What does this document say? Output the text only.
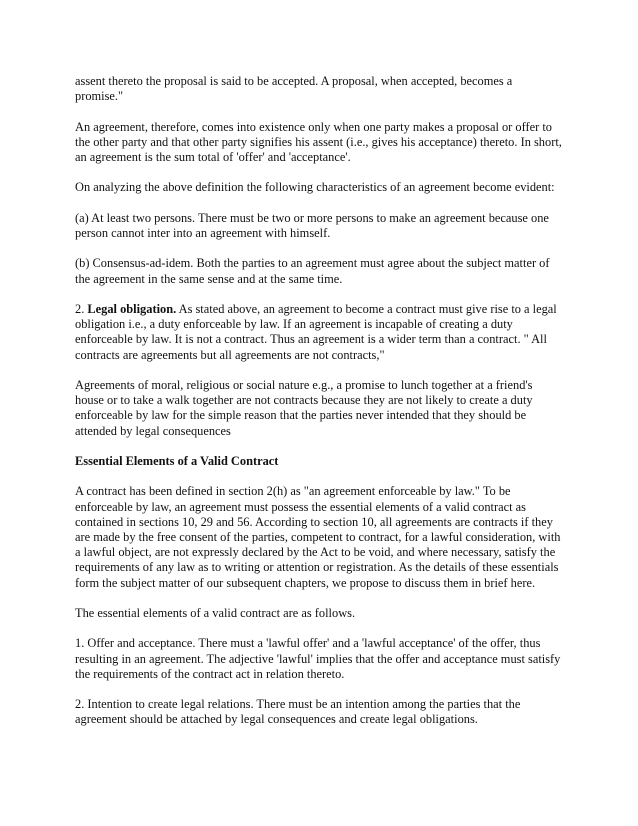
assent thereto the proposal is said to be accepted. A proposal, when accepted, becomes a promise."

An agreement, therefore, comes into existence only when one party makes a proposal or offer to the other party and that other party signifies his assent (i.e., gives his acceptance) thereto. In short, an agreement is the sum total of 'offer' and 'acceptance'.

On analyzing the above definition the following characteristics of an agreement become evident:

(a) At least two persons. There must be two or more persons to make an agreement because one person cannot inter into an agreement with himself.

(b) Consensus-ad-idem. Both the parties to an agreement must agree about the subject matter of the agreement in the same sense and at the same time.

2. Legal obligation. As stated above, an agreement to become a contract must give rise to a legal obligation i.e., a duty enforceable by law. If an agreement is incapable of creating a duty enforceable by law. It is not a contract. Thus an agreement is a wider term than a contract. " All contracts are agreements but all agreements are not contracts,"

Agreements of moral, religious or social nature e.g., a promise to lunch together at a friend's house or to take a walk together are not contracts because they are not likely to create a duty enforceable by law for the simple reason that the parties never intended that they should be attended by legal consequences

Essential Elements of a Valid Contract

A contract has been defined in section 2(h) as "an agreement enforceable by law." To be enforceable by law, an agreement must possess the essential elements of a valid contract as contained in sections 10, 29 and 56. According to section 10, all agreements are contracts if they are made by the free consent of the parties, competent to contract, for a lawful consideration, with a lawful object, are not expressly declared by the Act to be void, and where necessary, satisfy the requirements of any law as to writing or attention or registration. As the details of these essentials form the subject matter of our subsequent chapters, we propose to discuss them in brief here.

The essential elements of a valid contract are as follows.

1. Offer and acceptance. There must a 'lawful offer' and a 'lawful acceptance' of the offer, thus resulting in an agreement. The adjective 'lawful' implies that the offer and acceptance must satisfy the requirements of the contract act in relation thereto.

2. Intention to create legal relations. There must be an intention among the parties that the agreement should be attached by legal consequences and create legal obligations.
